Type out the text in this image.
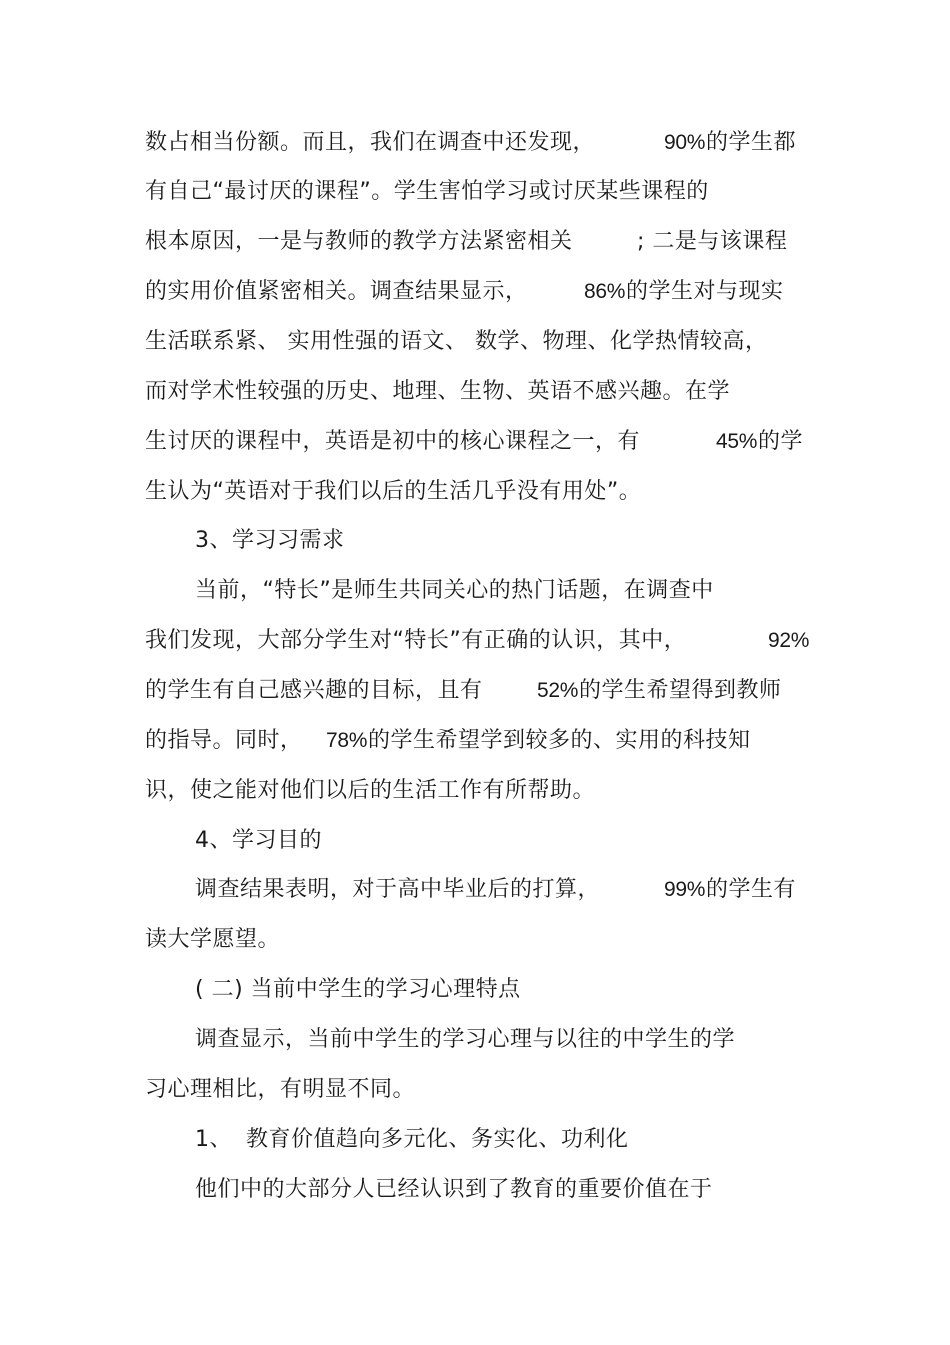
数占相当份额。而且，我们在调查中还发现，	90% 的学生都
有自己“最讨厌的课程”。学生害怕学习或讨厌某些课程的
根本原因，一是与教师的教学方法紧密相关	; 二是与该课程
的实用价值紧密相关。调查结果显示，	86% 的学生对与现实
生活联系紧、 实用性强的语文、 数学、物理、化学热情较高，
而对学术性较强的历史、地理、生物、英语不感兴趣。在学
生讨厌的课程中，英语是初中的核心课程之一，有	45% 的学
生认为“英语对于我们以后的生活几乎没有用处”。
3、学习习需求
当前，“特长”是师生共同关心的热门话题，在调查中
我们发现，大部分学生对“特长”有正确的认识，其中，	92%
的学生有自己感兴趣的目标，且有	52% 的学生希望得到教师
的指导。同时， 78% 的学生希望学到较多的、实用的科技知
识，使之能对他们以后的生活工作有所帮助。
4、学习目的
调查结果表明，对于高中毕业后的打算，	99% 的学生有
读大学愿望。
( 二) 当前中学生的学习心理特点
调查显示，当前中学生的学习心理与以往的中学生的学
习心理相比，有明显不同。
1、 教育价值趋向多元化、务实化、功利化
他们中的大部分人已经认识到了教育的重要价值在于
